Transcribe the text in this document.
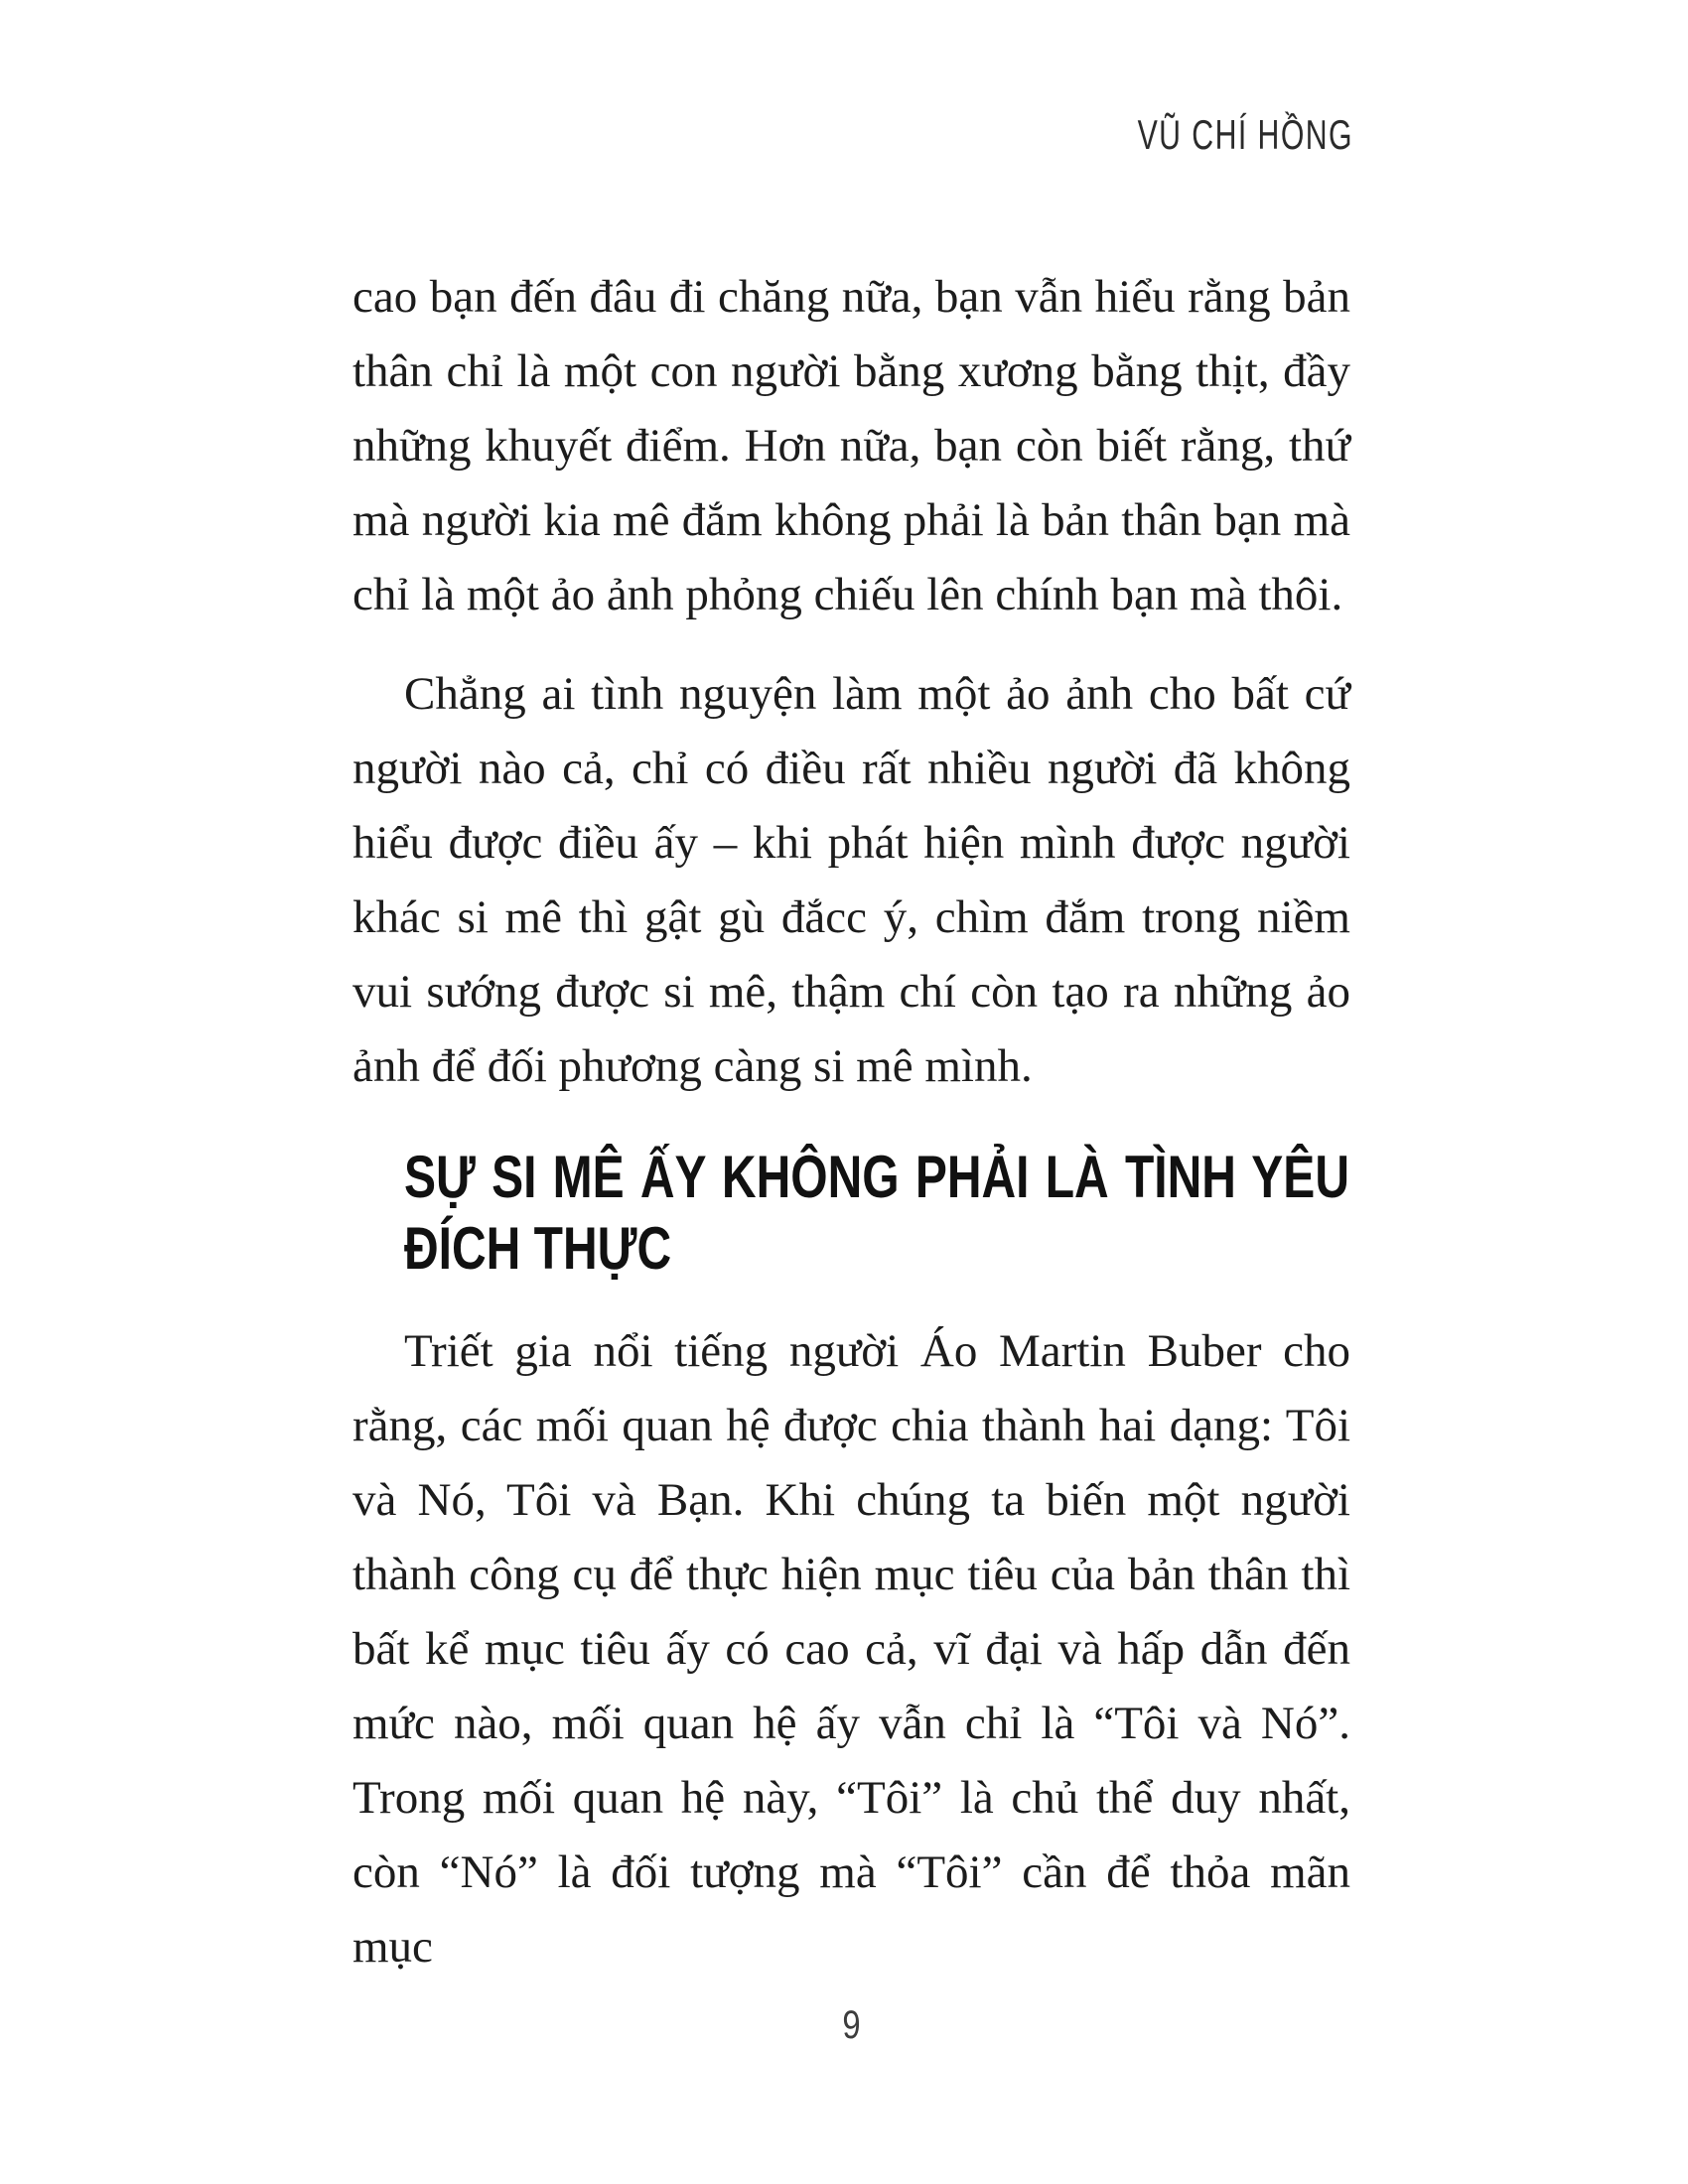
VŨ CHÍ HỒNG

cao bạn đến đâu đi chăng nữa, bạn vẫn hiểu rằng bản thân chỉ là một con người bằng xương bằng thịt, đầy những khuyết điểm. Hơn nữa, bạn còn biết rằng, thứ mà người kia mê đắm không phải là bản thân bạn mà chỉ là một ảo ảnh phỏng chiếu lên chính bạn mà thôi.

Chẳng ai tình nguyện làm một ảo ảnh cho bất cứ người nào cả, chỉ có điều rất nhiều người đã không hiểu được điều ấy – khi phát hiện mình được người khác si mê thì gật gù đắcc ý, chìm đắm trong niềm vui sướng được si mê, thậm chí còn tạo ra những ảo ảnh để đối phương càng si mê mình.

SỰ SI MÊ ẤY KHÔNG PHẢI LÀ TÌNH YÊU
ĐÍCH THỰC

Triết gia nổi tiếng người Áo Martin Buber cho rằng, các mối quan hệ được chia thành hai dạng: Tôi và Nó, Tôi và Bạn. Khi chúng ta biến một người thành công cụ để thực hiện mục tiêu của bản thân thì bất kể mục tiêu ấy có cao cả, vĩ đại và hấp dẫn đến mức nào, mối quan hệ ấy vẫn chỉ là “Tôi và Nó”. Trong mối quan hệ này, “Tôi” là chủ thể duy nhất, còn “Nó” là đối tượng mà “Tôi” cần để thỏa mãn mục

9
